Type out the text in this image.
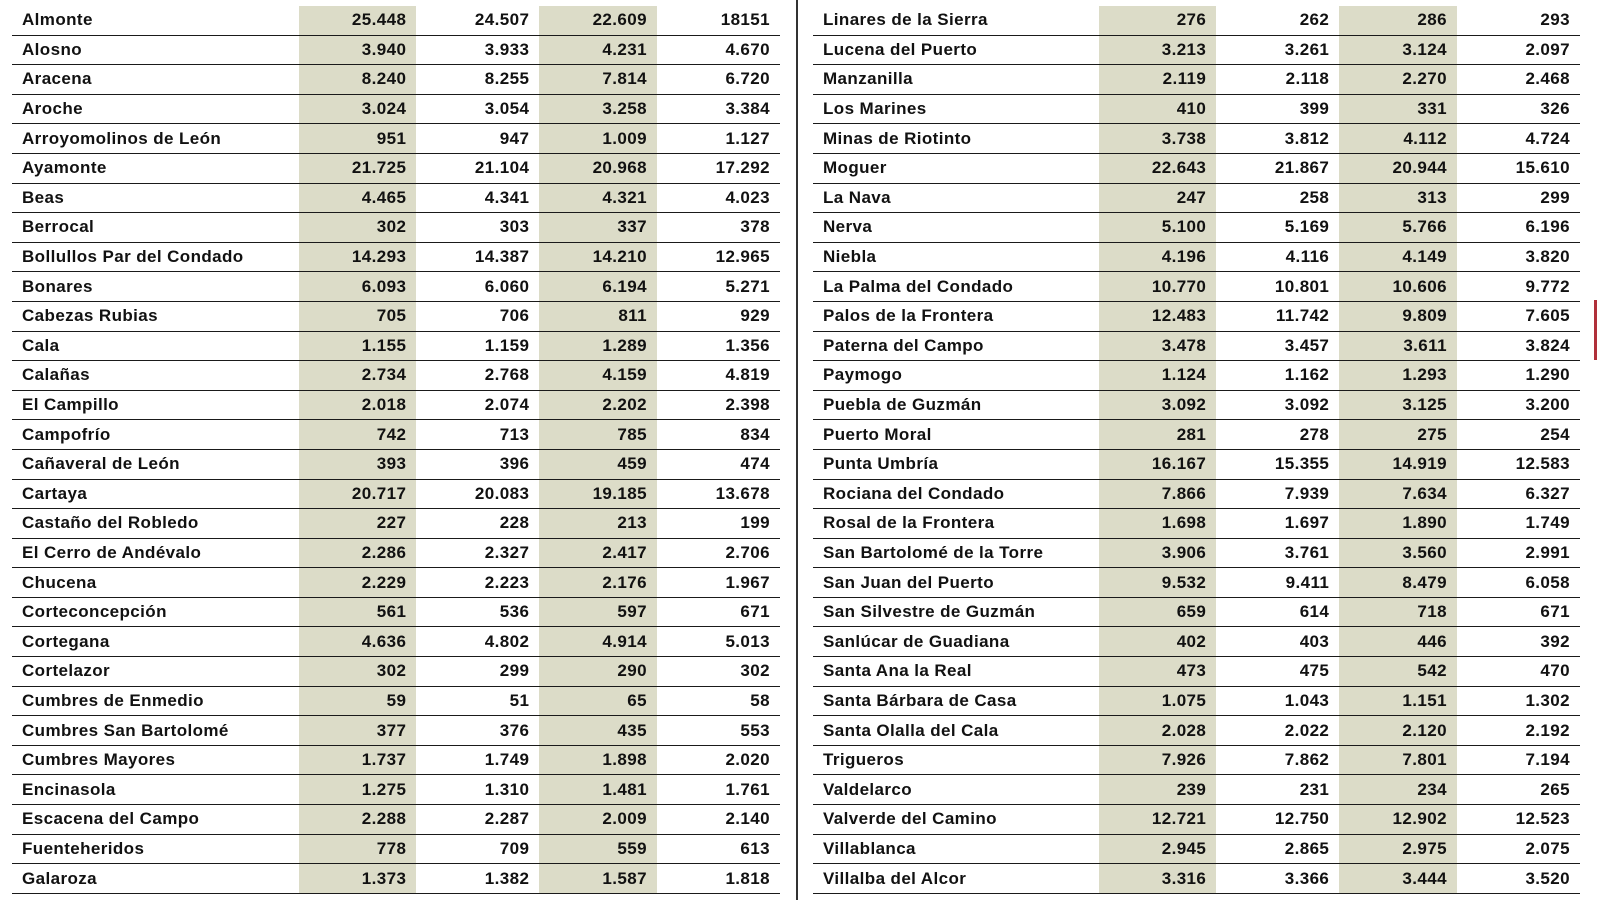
Almonte	25.448	24.507	22.609	18151
Alosno	3.940	3.933	4.231	4.670
Aracena	8.240	8.255	7.814	6.720
Aroche	3.024	3.054	3.258	3.384
Arroyomolinos de León	951	947	1.009	1.127
Ayamonte	21.725	21.104	20.968	17.292
Beas	4.465	4.341	4.321	4.023
Berrocal	302	303	337	378
Bollullos Par del Condado	14.293	14.387	14.210	12.965
Bonares	6.093	6.060	6.194	5.271
Cabezas Rubias	705	706	811	929
Cala	1.155	1.159	1.289	1.356
Calañas	2.734	2.768	4.159	4.819
El Campillo	2.018	2.074	2.202	2.398
Campofrío	742	713	785	834
Cañaveral de León	393	396	459	474
Cartaya	20.717	20.083	19.185	13.678
Castaño del Robledo	227	228	213	199
El Cerro de Andévalo	2.286	2.327	2.417	2.706
Chucena	2.229	2.223	2.176	1.967
Corteconcepción	561	536	597	671
Cortegana	4.636	4.802	4.914	5.013
Cortelazor	302	299	290	302
Cumbres de Enmedio	59	51	65	58
Cumbres San Bartolomé	377	376	435	553
Cumbres Mayores	1.737	1.749	1.898	2.020
Encinasola	1.275	1.310	1.481	1.761
Escacena del Campo	2.288	2.287	2.009	2.140
Fuenteheridos	778	709	559	613
Galaroza	1.373	1.382	1.587	1.818
Linares de la Sierra	276	262	286	293
Lucena del Puerto	3.213	3.261	3.124	2.097
Manzanilla	2.119	2.118	2.270	2.468
Los Marines	410	399	331	326
Minas de Riotinto	3.738	3.812	4.112	4.724
Moguer	22.643	21.867	20.944	15.610
La Nava	247	258	313	299
Nerva	5.100	5.169	5.766	6.196
Niebla	4.196	4.116	4.149	3.820
La Palma del Condado	10.770	10.801	10.606	9.772
Palos de la Frontera	12.483	11.742	9.809	7.605
Paterna del Campo	3.478	3.457	3.611	3.824
Paymogo	1.124	1.162	1.293	1.290
Puebla de Guzmán	3.092	3.092	3.125	3.200
Puerto Moral	281	278	275	254
Punta Umbría	16.167	15.355	14.919	12.583
Rociana del Condado	7.866	7.939	7.634	6.327
Rosal de la Frontera	1.698	1.697	1.890	1.749
San Bartolomé de la Torre	3.906	3.761	3.560	2.991
San Juan del Puerto	9.532	9.411	8.479	6.058
San Silvestre de Guzmán	659	614	718	671
Sanlúcar de Guadiana	402	403	446	392
Santa Ana la Real	473	475	542	470
Santa Bárbara de Casa	1.075	1.043	1.151	1.302
Santa Olalla del Cala	2.028	2.022	2.120	2.192
Trigueros	7.926	7.862	7.801	7.194
Valdelarco	239	231	234	265
Valverde del Camino	12.721	12.750	12.902	12.523
Villablanca	2.945	2.865	2.975	2.075
Villalba del Alcor	3.316	3.366	3.444	3.520
